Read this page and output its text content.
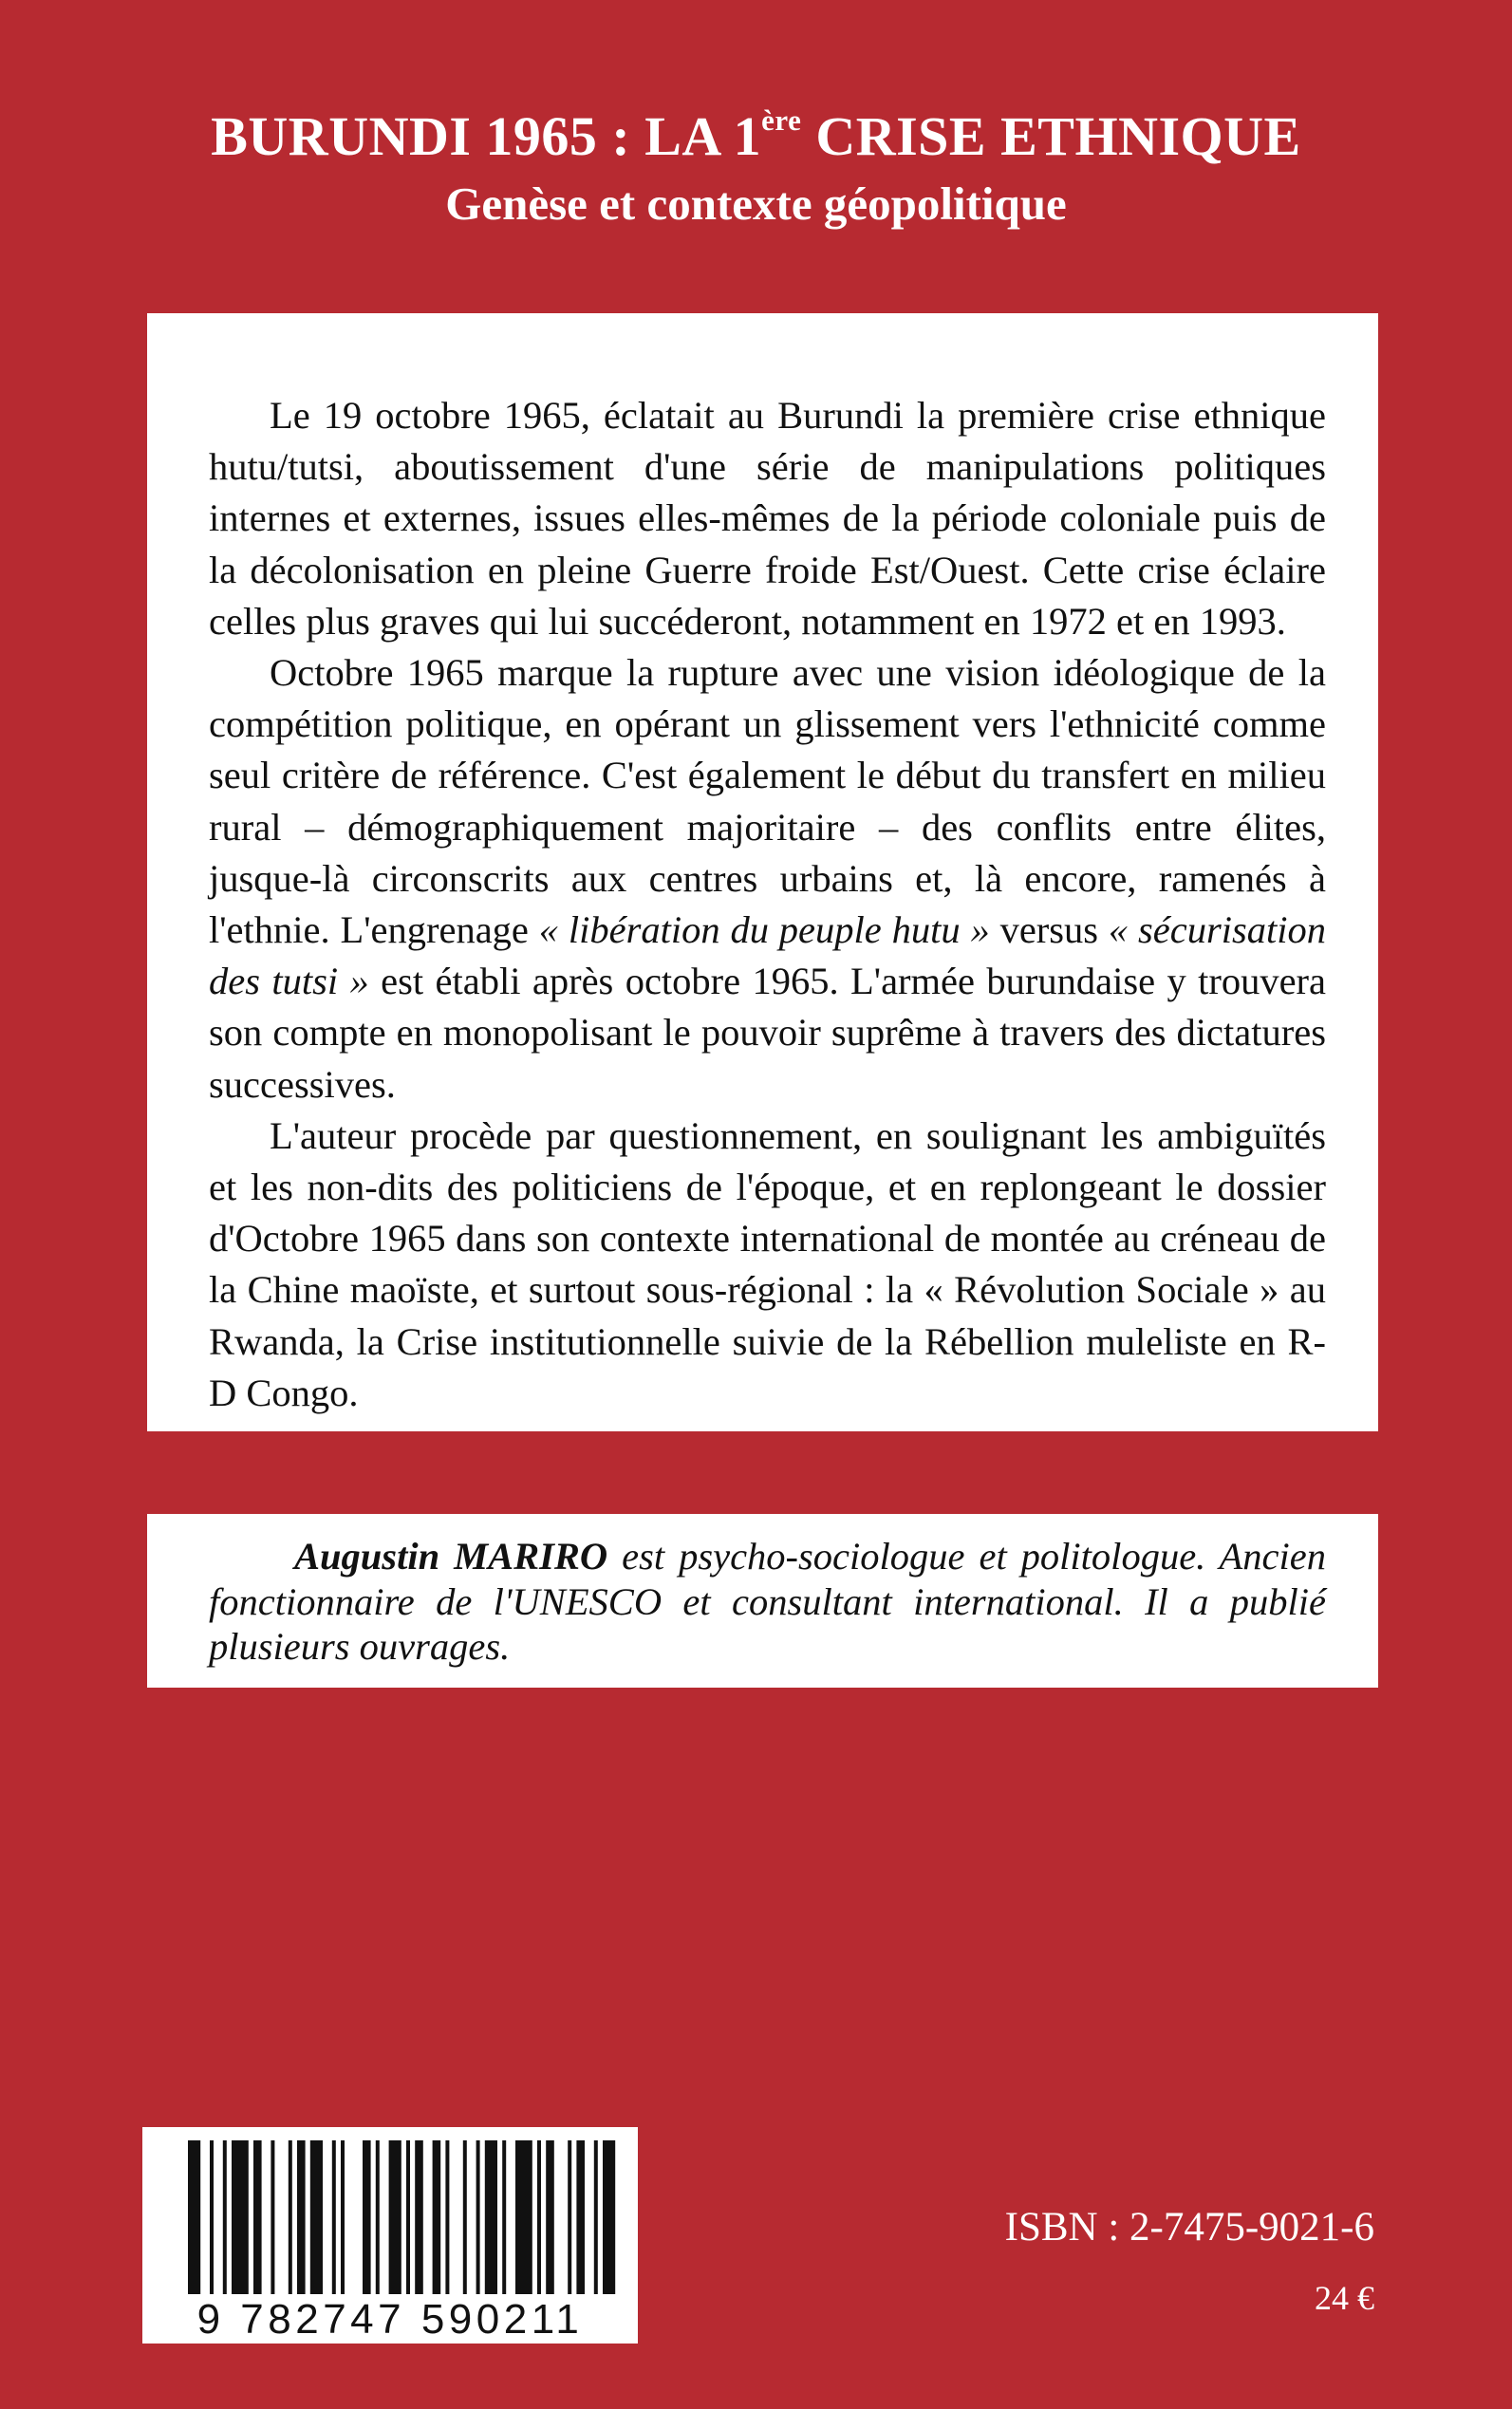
BURUNDI 1965 : LA 1ère CRISE ETHNIQUE
Genèse et contexte géopolitique

Le 19 octobre 1965, éclatait au Burundi la première crise ethnique hutu/tutsi, aboutissement d'une série de manipulations politiques internes et externes, issues elles-mêmes de la période coloniale puis de la décolonisation en pleine Guerre froide Est/Ouest. Cette crise éclaire celles plus graves qui lui succéderont, notamment en 1972 et en 1993.

Octobre 1965 marque la rupture avec une vision idéologique de la compétition politique, en opérant un glissement vers l'ethnicité comme seul critère de référence. C'est également le début du transfert en milieu rural – démographiquement majoritaire – des conflits entre élites, jusque-là circonscrits aux centres urbains et, là encore, ramenés à l'ethnie. L'engrenage « libération du peuple hutu » versus « sécurisation des tutsi » est établi après octobre 1965. L'armée burundaise y trouvera son compte en monopolisant le pouvoir suprême à travers des dictatures successives.

L'auteur procède par questionnement, en soulignant les ambiguïtés et les non-dits des politiciens de l'époque, et en replongeant le dossier d'Octobre 1965 dans son contexte international de montée au créneau de la Chine maoïste, et surtout sous-régional : la « Révolution Sociale » au Rwanda, la Crise institutionnelle suivie de la Rébellion muleliste en R-D Congo.

Augustin MARIRO est psycho-sociologue et politologue. Ancien fonctionnaire de l'UNESCO et consultant international. Il a publié plusieurs ouvrages.

9 782747 590211
ISBN : 2-7475-9021-6
24 €
